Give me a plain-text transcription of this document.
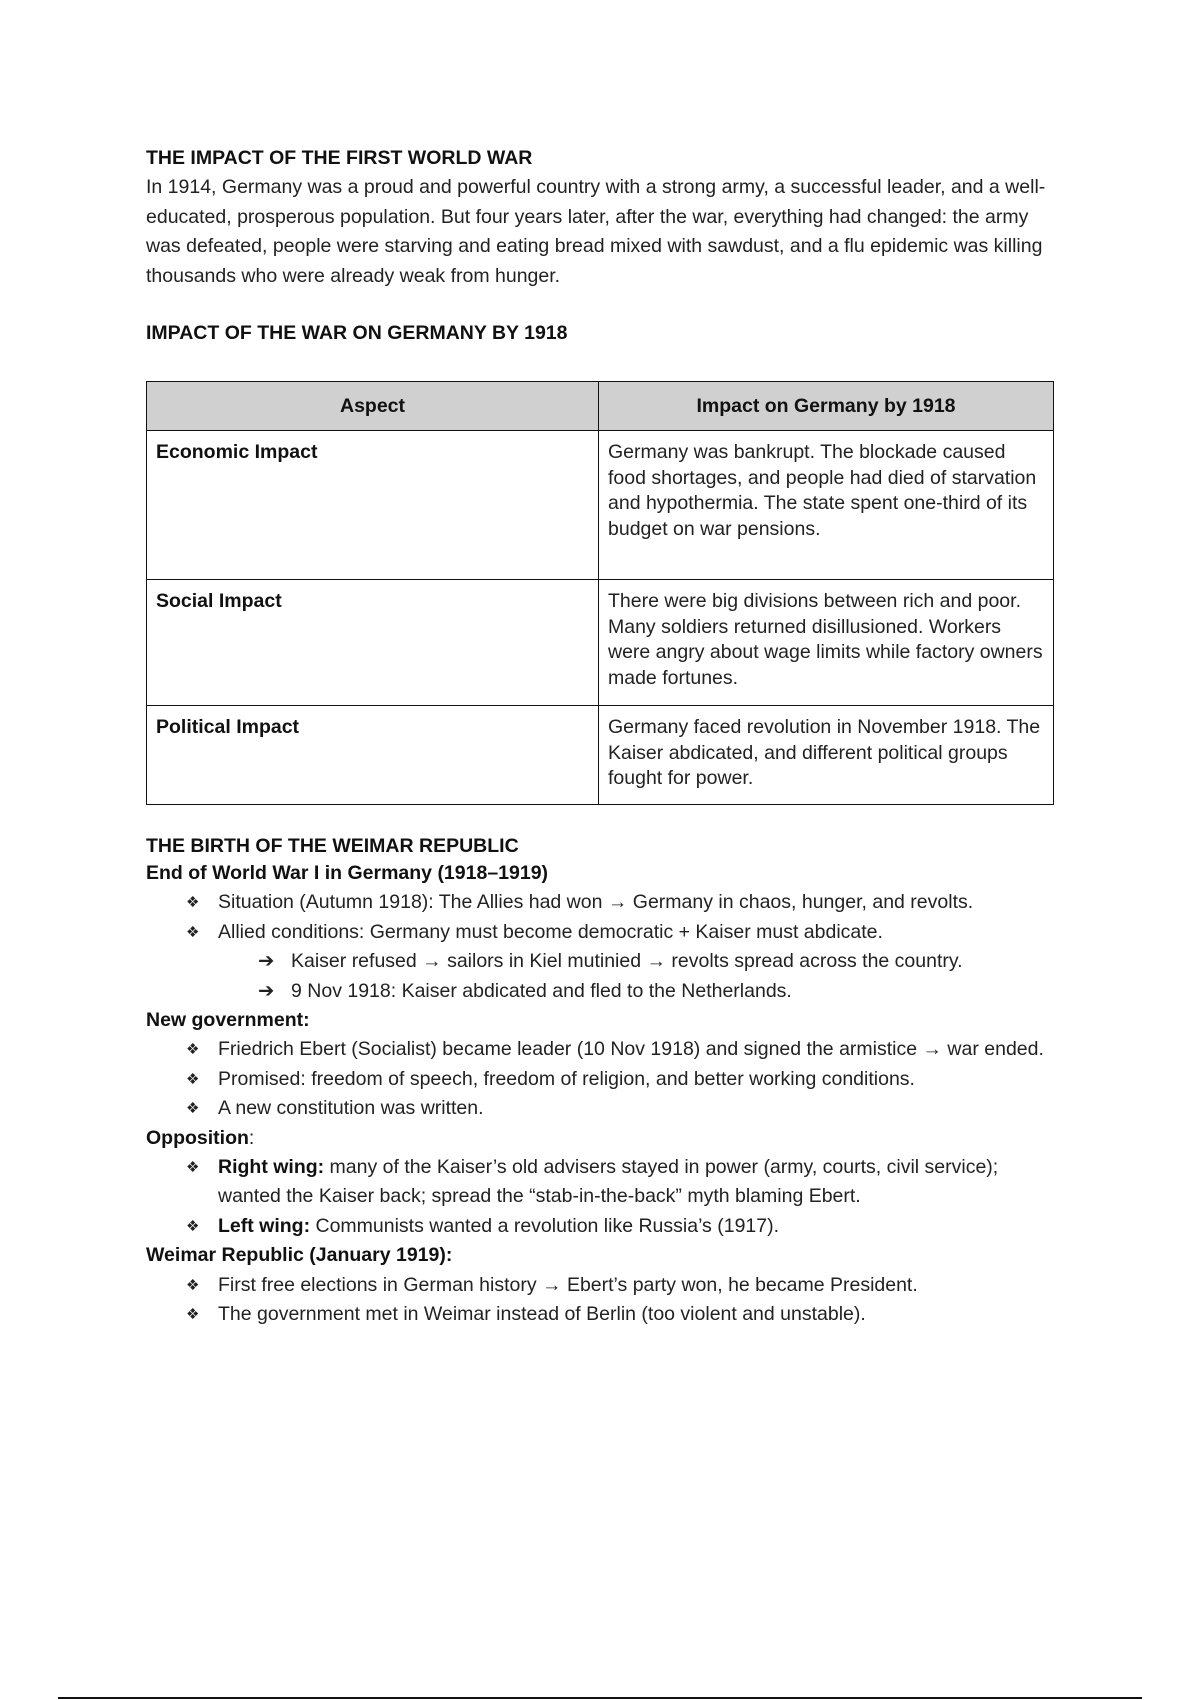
THE IMPACT OF THE FIRST WORLD WAR

In 1914, Germany was a proud and powerful country with a strong army, a successful leader, and a well-educated, prosperous population. But four years later, after the war, everything had changed: the army was defeated, people were starving and eating bread mixed with sawdust, and a flu epidemic was killing thousands who were already weak from hunger.

IMPACT OF THE WAR ON GERMANY BY 1918
Aspect	Impact on Germany by 1918
Economic Impact	Germany was bankrupt. The blockade caused food shortages, and people had died of starvation and hypothermia. The state spent one-third of its budget on war pensions.
Social Impact	There were big divisions between rich and poor. Many soldiers returned disillusioned. Workers were angry about wage limits while factory owners made fortunes.
Political Impact	Germany faced revolution in November 1918. The Kaiser abdicated, and different political groups fought for power.
THE BIRTH OF THE WEIMAR REPUBLIC
End of World War I in Germany (1918–1919)
❖ Situation (Autumn 1918): The Allies had won → Germany in chaos, hunger, and revolts.
❖ Allied conditions: Germany must become democratic + Kaiser must abdicate.
➔ Kaiser refused → sailors in Kiel mutinied → revolts spread across the country.
➔ 9 Nov 1918: Kaiser abdicated and fled to the Netherlands.
New government:
❖ Friedrich Ebert (Socialist) became leader (10 Nov 1918) and signed the armistice → war ended.
❖ Promised: freedom of speech, freedom of religion, and better working conditions.
❖ A new constitution was written.
Opposition:
❖ Right wing: many of the Kaiser’s old advisers stayed in power (army, courts, civil service); wanted the Kaiser back; spread the “stab-in-the-back” myth blaming Ebert.
❖ Left wing: Communists wanted a revolution like Russia’s (1917).
Weimar Republic (January 1919):
❖ First free elections in German history → Ebert’s party won, he became President.
❖ The government met in Weimar instead of Berlin (too violent and unstable).
